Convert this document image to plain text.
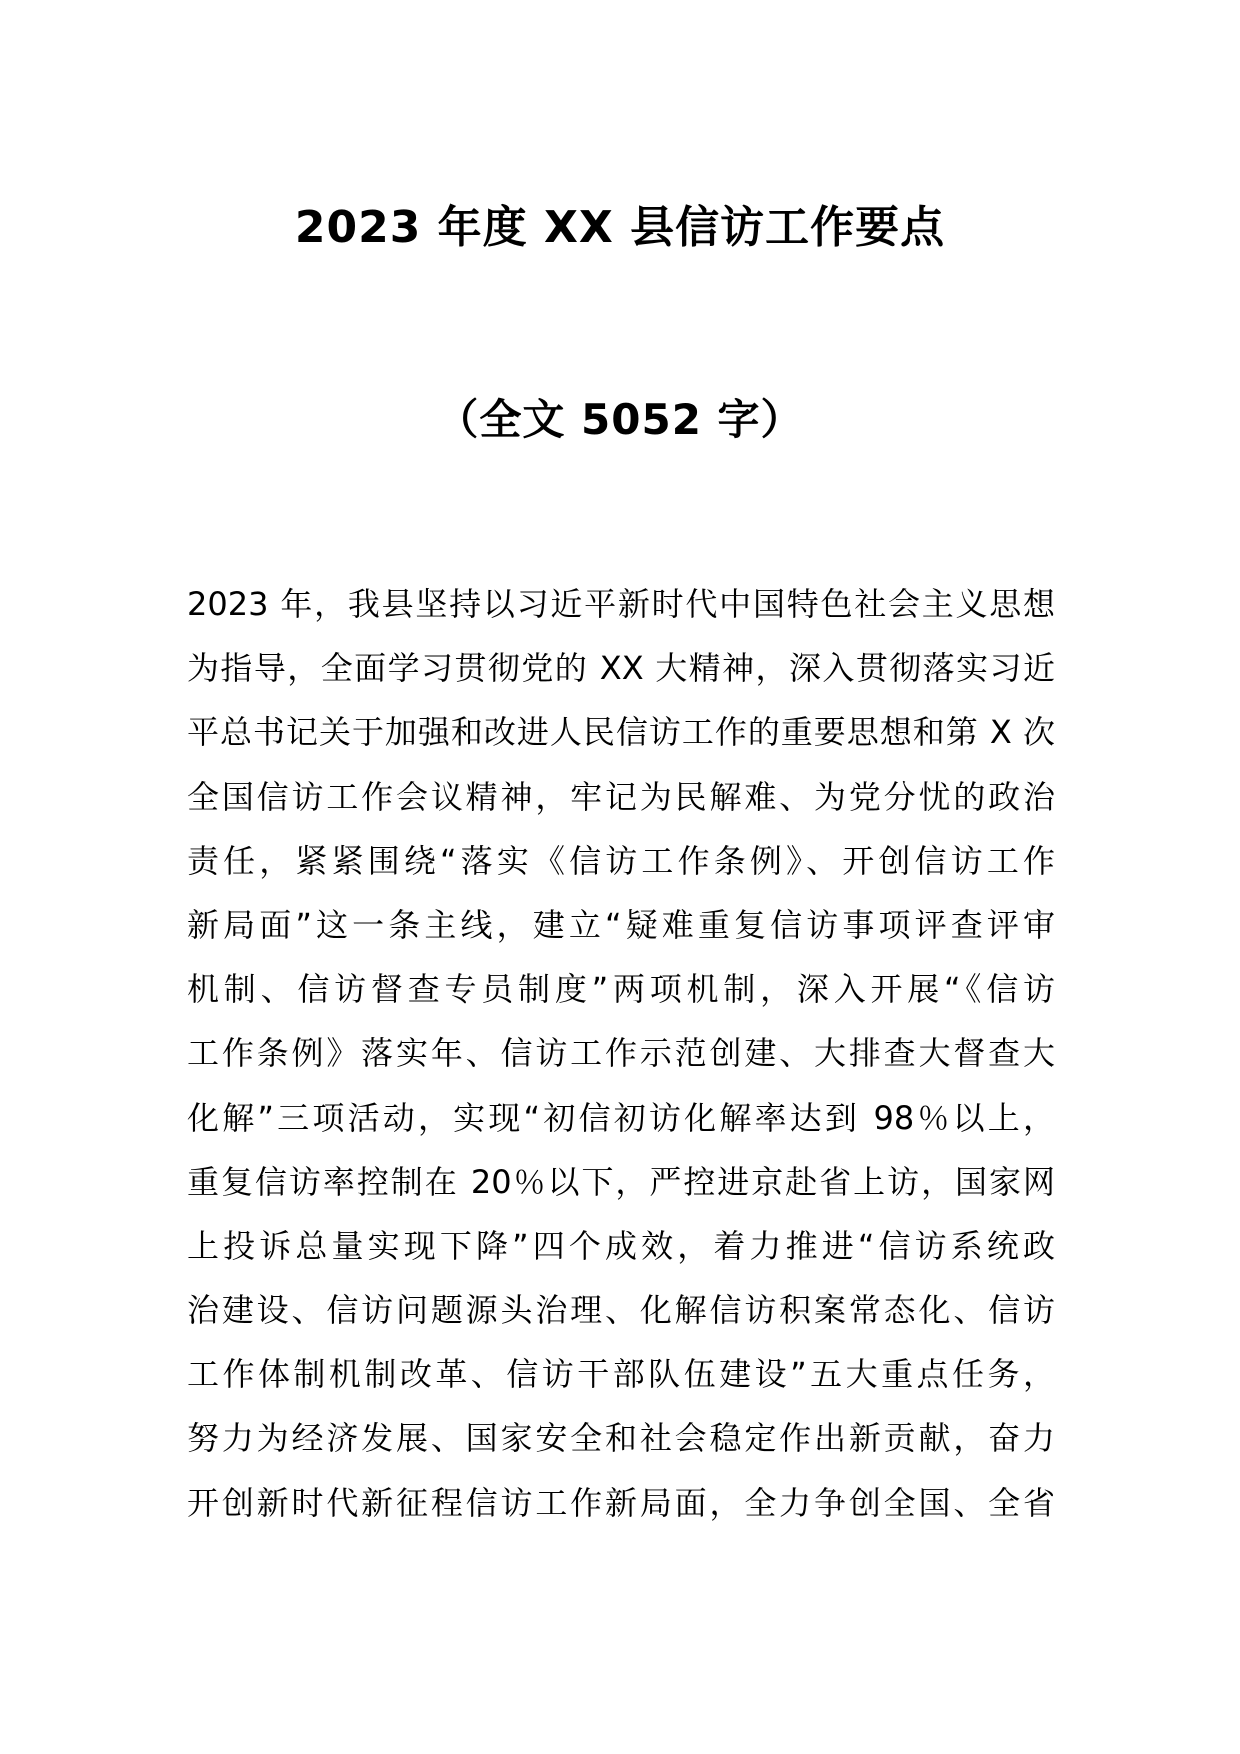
2023 年度 XX 县信访工作要点
（全文 5052 字）
2023 年，我县坚持以习近平新时代中国特色社会主义思想
为指导，全面学习贯彻党的 XX 大精神，深入贯彻落实习近
平总书记关于加强和改进人民信访工作的重要思想和第 X 次
全国信访工作会议精神，牢记为民解难、为党分忧的政治
责任，紧紧围绕“落实《信访工作条例》、开创信访工作
新局面”这一条主线，建立“疑难重复信访事项评查评审
机制、信访督查专员制度”两项机制，深入开展“《信访
工作条例》落实年、信访工作示范创建、大排查大督查大
化解”三项活动，实现“初信初访化解率达到 98％以上，
重复信访率控制在 20％以下，严控进京赴省上访，国家网
上投诉总量实现下降”四个成效，着力推进“信访系统政
治建设、信访问题源头治理、化解信访积案常态化、信访
工作体制机制改革、信访干部队伍建设”五大重点任务，
努力为经济发展、国家安全和社会稳定作出新贡献，奋力
开创新时代新征程信访工作新局面，全力争创全国、全省
